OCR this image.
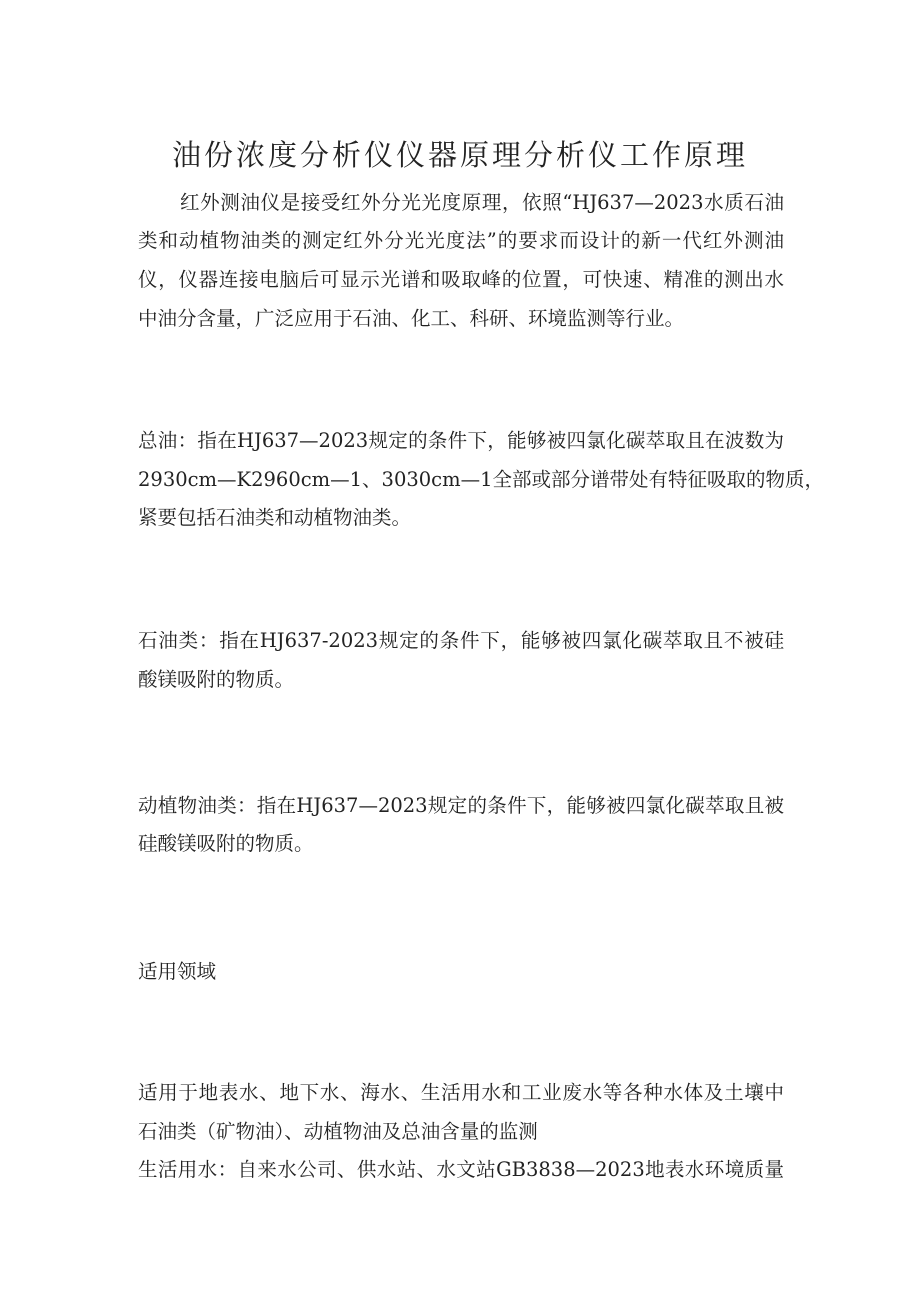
油份浓度分析仪仪器原理分析仪工作原理
红外测油仪是接受红外分光光度原理，依照“HJ637—2023水质石油
类和动植物油类的测定红外分光光度法”的要求而设计的新一代红外测油
仪，仪器连接电脑后可显示光谱和吸取峰的位置，可快速、精准的测出水
中油分含量，广泛应用于石油、化工、科研、环境监测等行业。
总油：指在HJ637—2023规定的条件下，能够被四氯化碳萃取且在波数为
2930cm—K2960cm—1、3030cm—1全部或部分谱带处有特征吸取的物质，
紧要包括石油类和动植物油类。
石油类：指在HJ637-2023规定的条件下，能够被四氯化碳萃取且不被硅
酸镁吸附的物质。
动植物油类：指在HJ637—2023规定的条件下，能够被四氯化碳萃取且被
硅酸镁吸附的物质。
适用领域
适用于地表水、地下水、海水、生活用水和工业废水等各种水体及土壤中
石油类（矿物油）、动植物油及总油含量的监测
生活用水：自来水公司、供水站、水文站GB3838—2023地表水环境质量
